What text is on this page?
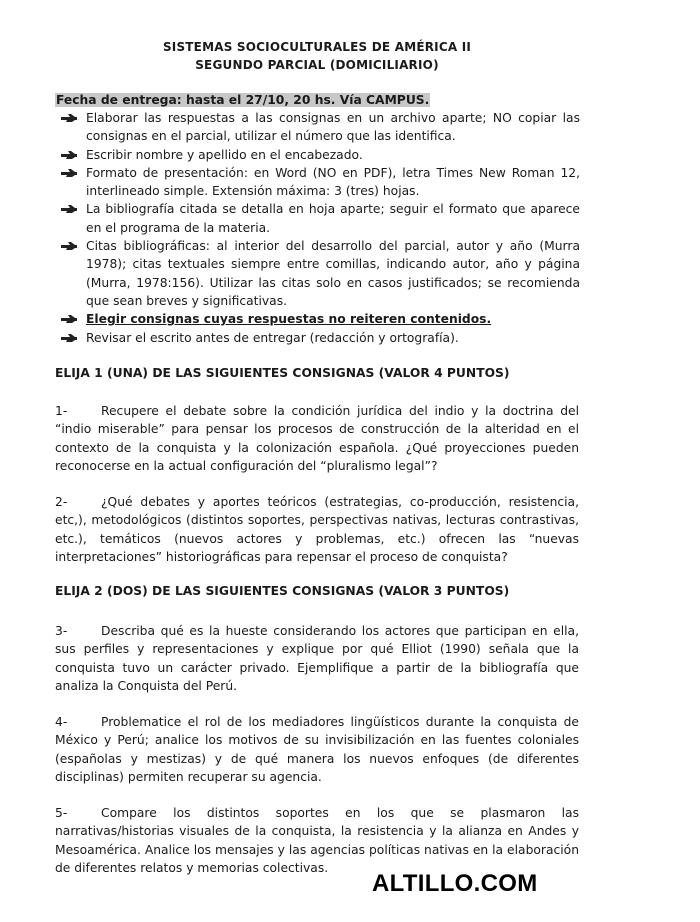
SISTEMAS SOCIOCULTURALES DE AMÉRICA II
SEGUNDO PARCIAL (DOMICILIARIO)
Fecha de entrega: hasta el 27/10, 20 hs. Vía CAMPUS.
Elaborar las respuestas a las consignas en un archivo aparte; NO copiar las consignas en el parcial, utilizar el número que las identifica.
Escribir nombre y apellido en el encabezado.
Formato de presentación: en Word (NO en PDF), letra Times New Roman 12, interlineado simple. Extensión máxima: 3 (tres) hojas.
La bibliografía citada se detalla en hoja aparte; seguir el formato que aparece en el programa de la materia.
Citas bibliográficas: al interior del desarrollo del parcial, autor y año (Murra 1978); citas textuales siempre entre comillas, indicando autor, año y página (Murra, 1978:156). Utilizar las citas solo en casos justificados; se recomienda que sean breves y significativas.
Elegir consignas cuyas respuestas no reiteren contenidos.
Revisar el escrito antes de entregar (redacción y ortografía).
ELIJA 1 (UNA) DE LAS SIGUIENTES CONSIGNAS (VALOR 4 PUNTOS)
1-	Recupere el debate sobre la condición jurídica del indio y la doctrina del “indio miserable” para pensar los procesos de construcción de la alteridad en el contexto de la conquista y la colonización española. ¿Qué proyecciones pueden reconocerse en la actual configuración del “pluralismo legal”?
2-	¿Qué debates y aportes teóricos (estrategias, co-producción, resistencia, etc,), metodológicos (distintos soportes, perspectivas nativas, lecturas contrastivas, etc.), temáticos (nuevos actores y problemas, etc.) ofrecen las “nuevas interpretaciones” historiográficas para repensar el proceso de conquista?
ELIJA 2 (DOS) DE LAS SIGUIENTES CONSIGNAS (VALOR 3 PUNTOS)
3-	Describa qué es la hueste considerando los actores que participan en ella, sus perfiles y representaciones y explique por qué Elliot (1990) señala que la conquista tuvo un carácter privado. Ejemplifique a partir de la bibliografía que analiza la Conquista del Perú.
4-	Problematice el rol de los mediadores lingüísticos durante la conquista de México y Perú; analice los motivos de su invisibilización en las fuentes coloniales (españolas y mestizas) y de qué manera los nuevos enfoques (de diferentes disciplinas) permiten recuperar su agencia.
5-	Compare los distintos soportes en los que se plasmaron las narrativas/historias visuales de la conquista, la resistencia y la alianza en Andes y Mesoamérica. Analice los mensajes y las agencias políticas nativas en la elaboración de diferentes relatos y memorias colectivas.
ALTILLO.COM
